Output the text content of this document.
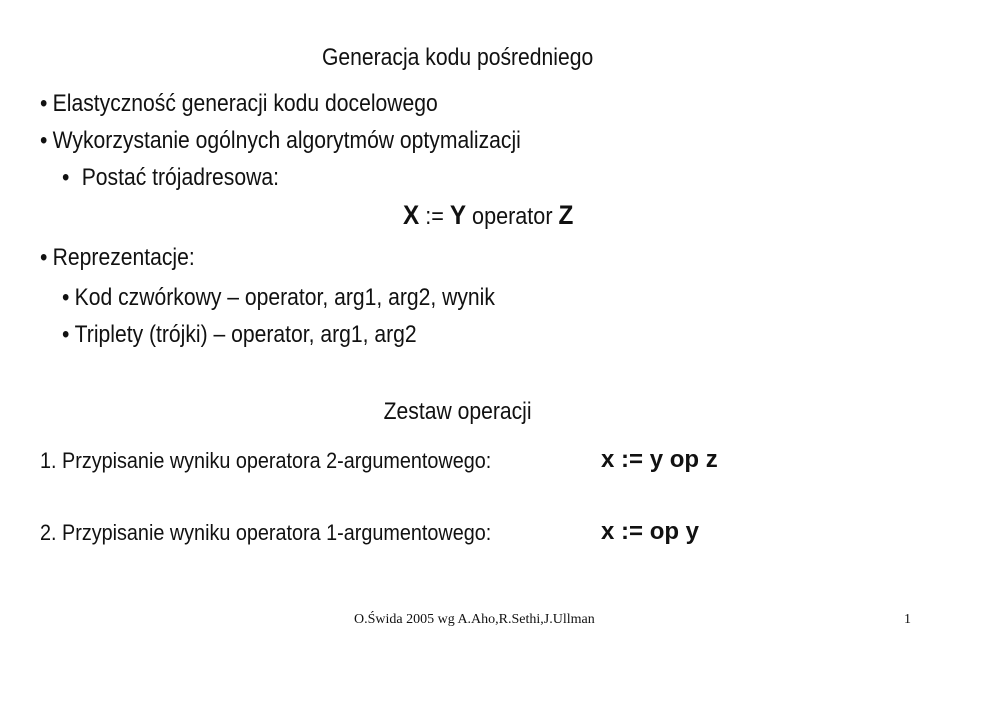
Generacja kodu pośredniego
• Elastyczność generacji kodu docelowego
• Wykorzystanie ogólnych algorytmów optymalizacji
• Postać trójadresowa:
X := Y operator Z
• Reprezentacje:
• Kod czwórkowy – operator, arg1, arg2, wynik
• Triplety (trójki) – operator, arg1, arg2
Zestaw operacji
1. Przypisanie wyniku operatora 2-argumentowego:	x := y op z
2. Przypisanie wyniku operatora 1-argumentowego:	x := op y
O.Świda 2005 wg A.Aho,R.Sethi,J.Ullman	1
